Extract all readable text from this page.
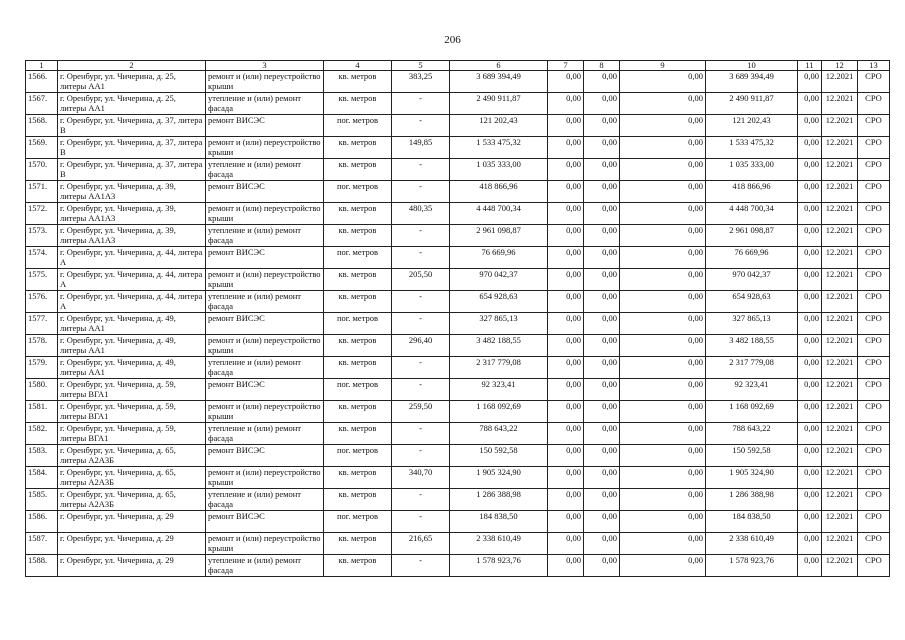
206
1	2	3	4	5	6	7	8	9	10	11	12	13
1566.	г. Оренбург, ул. Чичерина, д. 25, литеры АА1	ремонт и (или) переустройство крыши	кв. метров	383,25	3 689 394,49	0,00	0,00	0,00	3 689 394,49	0,00	12.2021	СРО
1567.	г. Оренбург, ул. Чичерина, д. 25, литеры АА1	утепление и (или) ремонт фасада	кв. метров	-	2 490 911,87	0,00	0,00	0,00	2 490 911,87	0,00	12.2021	СРО
1568.	г. Оренбург, ул. Чичерина, д. 37, литера В	ремонт ВИСЭС	пог. метров	-	121 202,43	0,00	0,00	0,00	121 202,43	0,00	12.2021	СРО
1569.	г. Оренбург, ул. Чичерина, д. 37, литера В	ремонт и (или) переустройство крыши	кв. метров	149,85	1 533 475,32	0,00	0,00	0,00	1 533 475,32	0,00	12.2021	СРО
1570.	г. Оренбург, ул. Чичерина, д. 37, литера В	утепление и (или) ремонт фасада	кв. метров	-	1 035 333,00	0,00	0,00	0,00	1 035 333,00	0,00	12.2021	СРО
1571.	г. Оренбург, ул. Чичерина, д. 39, литеры АА1А3	ремонт ВИСЭС	пог. метров	-	418 866,96	0,00	0,00	0,00	418 866,96	0,00	12.2021	СРО
1572.	г. Оренбург, ул. Чичерина, д. 39, литеры АА1А3	ремонт и (или) переустройство крыши	кв. метров	480,35	4 448 700,34	0,00	0,00	0,00	4 448 700,34	0,00	12.2021	СРО
1573.	г. Оренбург, ул. Чичерина, д. 39, литеры АА1А3	утепление и (или) ремонт фасада	кв. метров	-	2 961 098,87	0,00	0,00	0,00	2 961 098,87	0,00	12.2021	СРО
1574.	г. Оренбург, ул. Чичерина, д. 44, литера А	ремонт ВИСЭС	пог. метров	-	76 669,96	0,00	0,00	0,00	76 669,96	0,00	12.2021	СРО
1575.	г. Оренбург, ул. Чичерина, д. 44, литера А	ремонт и (или) переустройство крыши	кв. метров	205,50	970 042,37	0,00	0,00	0,00	970 042,37	0,00	12.2021	СРО
1576.	г. Оренбург, ул. Чичерина, д. 44, литера А	утепление и (или) ремонт фасада	кв. метров	-	654 928,63	0,00	0,00	0,00	654 928,63	0,00	12.2021	СРО
1577.	г. Оренбург, ул. Чичерина, д. 49, литеры АА1	ремонт ВИСЭС	пог. метров	-	327 865,13	0,00	0,00	0,00	327 865,13	0,00	12.2021	СРО
1578.	г. Оренбург, ул. Чичерина, д. 49, литеры АА1	ремонт и (или) переустройство крыши	кв. метров	296,40	3 482 188,55	0,00	0,00	0,00	3 482 188,55	0,00	12.2021	СРО
1579.	г. Оренбург, ул. Чичерина, д. 49, литеры АА1	утепление и (или) ремонт фасада	кв. метров	-	2 317 779,08	0,00	0,00	0,00	2 317 779,08	0,00	12.2021	СРО
1580.	г. Оренбург, ул. Чичерина, д. 59, литеры ВГА1	ремонт ВИСЭС	пог. метров	-	92 323,41	0,00	0,00	0,00	92 323,41	0,00	12.2021	СРО
1581.	г. Оренбург, ул. Чичерина, д. 59, литеры ВГА1	ремонт и (или) переустройство крыши	кв. метров	259,50	1 168 092,69	0,00	0,00	0,00	1 168 092,69	0,00	12.2021	СРО
1582.	г. Оренбург, ул. Чичерина, д. 59, литеры ВГА1	утепление и (или) ремонт фасада	кв. метров	-	788 643,22	0,00	0,00	0,00	788 643,22	0,00	12.2021	СРО
1583.	г. Оренбург, ул. Чичерина, д. 65, литеры А2А3Б	ремонт ВИСЭС	пог. метров	-	150 592,58	0,00	0,00	0,00	150 592,58	0,00	12.2021	СРО
1584.	г. Оренбург, ул. Чичерина, д. 65, литеры А2А3Б	ремонт и (или) переустройство крыши	кв. метров	340,70	1 905 324,90	0,00	0,00	0,00	1 905 324,90	0,00	12.2021	СРО
1585.	г. Оренбург, ул. Чичерина, д. 65, литеры А2А3Б	утепление и (или) ремонт фасада	кв. метров	-	1 286 388,98	0,00	0,00	0,00	1 286 388,98	0,00	12.2021	СРО
1586.	г. Оренбург, ул. Чичерина, д. 29	ремонт ВИСЭС	пог. метров	-	184 838,50	0,00	0,00	0,00	184 838,50	0,00	12.2021	СРО
1587.	г. Оренбург, ул. Чичерина, д. 29	ремонт и (или) переустройство крыши	кв. метров	216,65	2 338 610,49	0,00	0,00	0,00	2 338 610,49	0,00	12.2021	СРО
1588.	г. Оренбург, ул. Чичерина, д. 29	утепление и (или) ремонт фасада	кв. метров	-	1 578 923,76	0,00	0,00	0,00	1 578 923,76	0,00	12.2021	СРО
